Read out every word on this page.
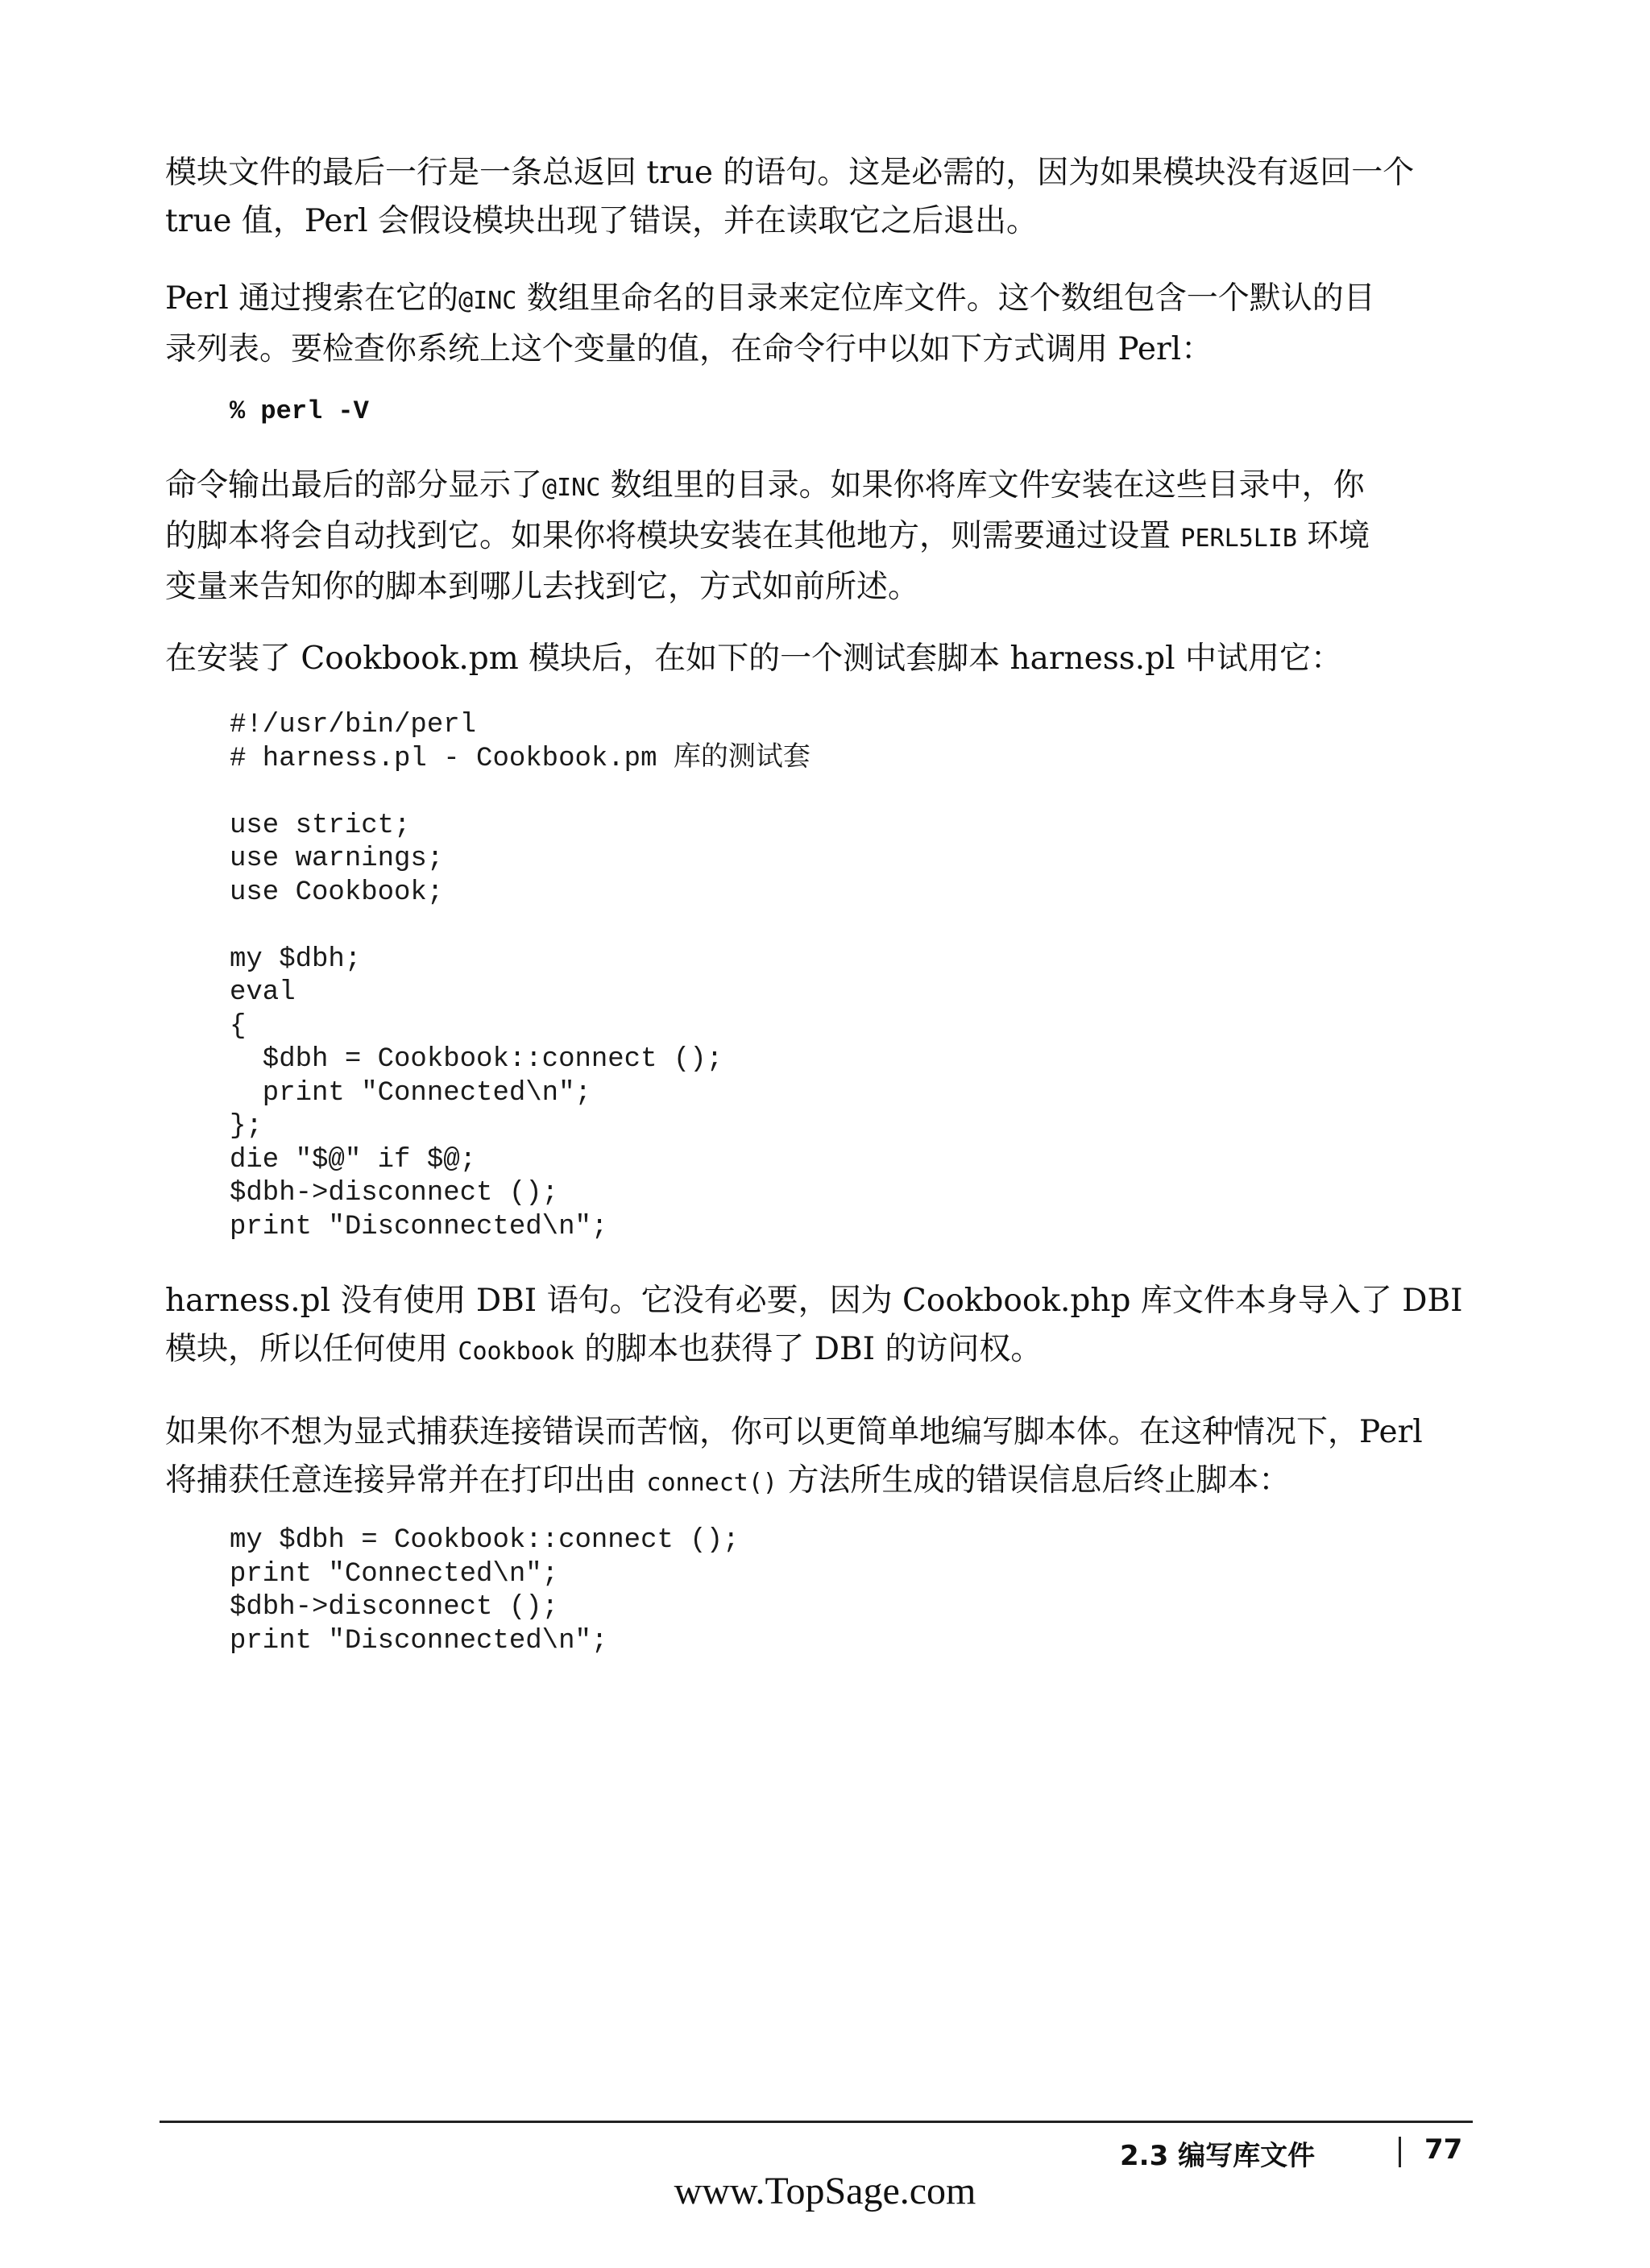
模块文件的最后一行是一条总返回 true 的语句。这是必需的，因为如果模块没有返回一个
true 值，Perl 会假设模块出现了错误，并在读取它之后退出。
Perl 通过搜索在它的@INC 数组里命名的目录来定位库文件。这个数组包含一个默认的目
录列表。要检查你系统上这个变量的值，在命令行中以如下方式调用 Perl：
% perl -V
命令输出最后的部分显示了@INC 数组里的目录。如果你将库文件安装在这些目录中，你
的脚本将会自动找到它。如果你将模块安装在其他地方，则需要通过设置 PERL5LIB 环境
变量来告知你的脚本到哪儿去找到它，方式如前所述。
在安装了 Cookbook.pm 模块后，在如下的一个测试套脚本 harness.pl 中试用它：
#!/usr/bin/perl
# harness.pl - Cookbook.pm 库的测试套
use strict;
use warnings;
use Cookbook;
my $dbh;
eval
{
$dbh = Cookbook::connect ();
print "Connected\n";
};
die "$@" if $@;
$dbh->disconnect ();
print "Disconnected\n";
harness.pl 没有使用 DBI 语句。它没有必要，因为 Cookbook.php 库文件本身导入了 DBI
模块，所以任何使用 Cookbook 的脚本也获得了 DBI 的访问权。
如果你不想为显式捕获连接错误而苦恼，你可以更简单地编写脚本体。在这种情况下，Perl
将捕获任意连接异常并在打印出由 connect() 方法所生成的错误信息后终止脚本：
my $dbh = Cookbook::connect ();
print "Connected\n";
$dbh->disconnect ();
print "Disconnected\n";
2.3 编写库文件	77
www.TopSage.com
